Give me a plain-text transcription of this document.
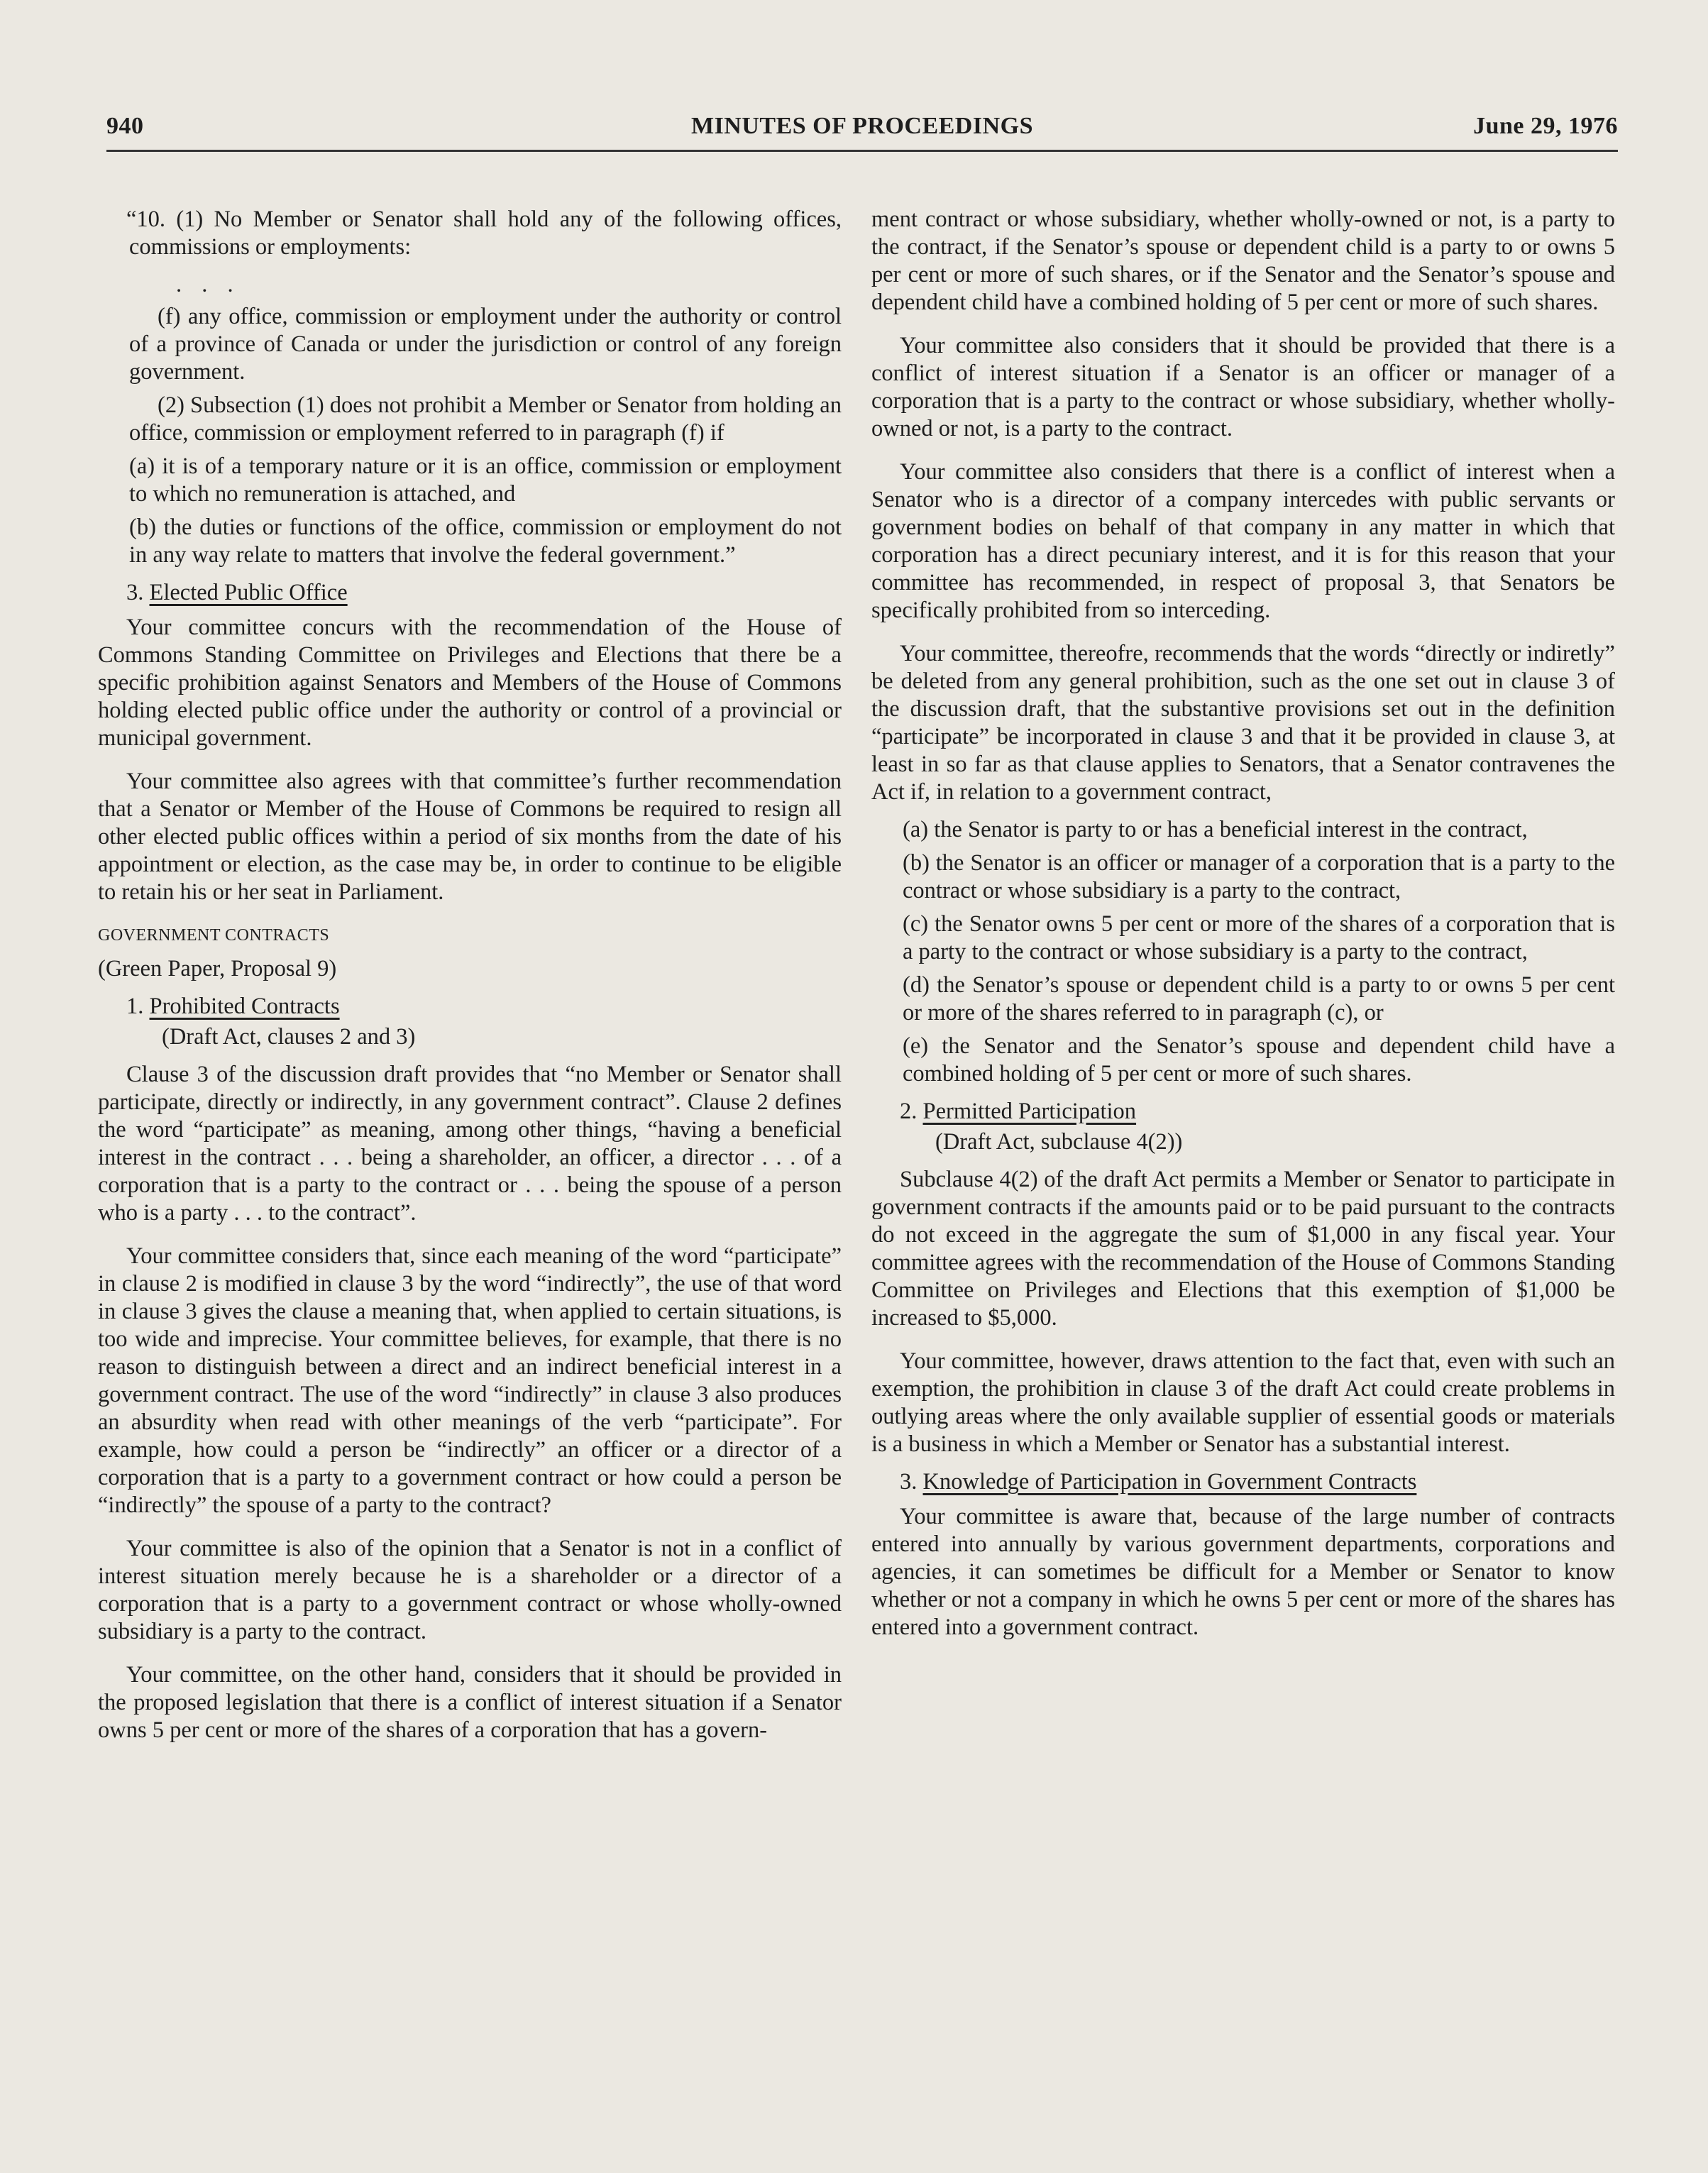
940	MINUTES OF PROCEEDINGS	June 29, 1976

“10. (1) No Member or Senator shall hold any of the following offices, commissions or employments:

. . .

(f) any office, commission or employment under the authority or control of a province of Canada or under the jurisdiction or control of any foreign government.

(2) Subsection (1) does not prohibit a Member or Senator from holding an office, commission or employment referred to in paragraph (f) if

(a) it is of a temporary nature or it is an office, commission or employment to which no remuneration is attached, and

(b) the duties or functions of the office, commission or employment do not in any way relate to matters that involve the federal government.”

3. Elected Public Office

Your committee concurs with the recommendation of the House of Commons Standing Committee on Privileges and Elections that there be a specific prohibition against Senators and Members of the House of Commons holding elected public office under the authority or control of a provincial or municipal government.

Your committee also agrees with that committee’s further recommendation that a Senator or Member of the House of Commons be required to resign all other elected public offices within a period of six months from the date of his appointment or election, as the case may be, in order to continue to be eligible to retain his or her seat in Parliament.

GOVERNMENT CONTRACTS
(Green Paper, Proposal 9)
1. Prohibited Contracts
(Draft Act, clauses 2 and 3)

Clause 3 of the discussion draft provides that “no Member or Senator shall participate, directly or indirectly, in any government contract”. Clause 2 defines the word “participate” as meaning, among other things, “having a beneficial interest in the contract . . . being a shareholder, an officer, a director . . . of a corporation that is a party to the contract or . . . being the spouse of a person who is a party . . . to the contract”.

Your committee considers that, since each meaning of the word “participate” in clause 2 is modified in clause 3 by the word “indirectly”, the use of that word in clause 3 gives the clause a meaning that, when applied to certain situations, is too wide and imprecise. Your committee believes, for example, that there is no reason to distinguish between a direct and an indirect beneficial interest in a government contract. The use of the word “indirectly” in clause 3 also produces an absurdity when read with other meanings of the verb “participate”. For example, how could a person be “indirectly” an officer or a director of a corporation that is a party to a government contract or how could a person be “indirectly” the spouse of a party to the contract?

Your committee is also of the opinion that a Senator is not in a conflict of interest situation merely because he is a shareholder or a director of a corporation that is a party to a government contract or whose wholly-owned subsidiary is a party to the contract.

Your committee, on the other hand, considers that it should be provided in the proposed legislation that there is a conflict of interest situation if a Senator owns 5 per cent or more of the shares of a corporation that has a govern-

ment contract or whose subsidiary, whether wholly-owned or not, is a party to the contract, if the Senator’s spouse or dependent child is a party to or owns 5 per cent or more of such shares, or if the Senator and the Senator’s spouse and dependent child have a combined holding of 5 per cent or more of such shares.

Your committee also considers that it should be provided that there is a conflict of interest situation if a Senator is an officer or manager of a corporation that is a party to the contract or whose subsidiary, whether wholly-owned or not, is a party to the contract.

Your committee also considers that there is a conflict of interest when a Senator who is a director of a company intercedes with public servants or government bodies on behalf of that company in any matter in which that corporation has a direct pecuniary interest, and it is for this reason that your committee has recommended, in respect of proposal 3, that Senators be specifically prohibited from so interceding.

Your committee, thereofre, recommends that the words “directly or indiretly” be deleted from any general prohibition, such as the one set out in clause 3 of the discussion draft, that the substantive provisions set out in the definition “participate” be incorporated in clause 3 and that it be provided in clause 3, at least in so far as that clause applies to Senators, that a Senator contravenes the Act if, in relation to a government contract,

(a) the Senator is party to or has a beneficial interest in the contract,

(b) the Senator is an officer or manager of a corporation that is a party to the contract or whose subsidiary is a party to the contract,

(c) the Senator owns 5 per cent or more of the shares of a corporation that is a party to the contract or whose subsidiary is a party to the contract,

(d) the Senator’s spouse or dependent child is a party to or owns 5 per cent or more of the shares referred to in paragraph (c), or

(e) the Senator and the Senator’s spouse and dependent child have a combined holding of 5 per cent or more of such shares.

2. Permitted Participation
(Draft Act, subclause 4(2))

Subclause 4(2) of the draft Act permits a Member or Senator to participate in government contracts if the amounts paid or to be paid pursuant to the contracts do not exceed in the aggregate the sum of $1,000 in any fiscal year. Your committee agrees with the recommendation of the House of Commons Standing Committee on Privileges and Elections that this exemption of $1,000 be increased to $5,000.

Your committee, however, draws attention to the fact that, even with such an exemption, the prohibition in clause 3 of the draft Act could create problems in outlying areas where the only available supplier of essential goods or materials is a business in which a Member or Senator has a substantial interest.

3. Knowledge of Participation in Government Contracts

Your committee is aware that, because of the large number of contracts entered into annually by various government departments, corporations and agencies, it can sometimes be difficult for a Member or Senator to know whether or not a company in which he owns 5 per cent or more of the shares has entered into a government contract.
